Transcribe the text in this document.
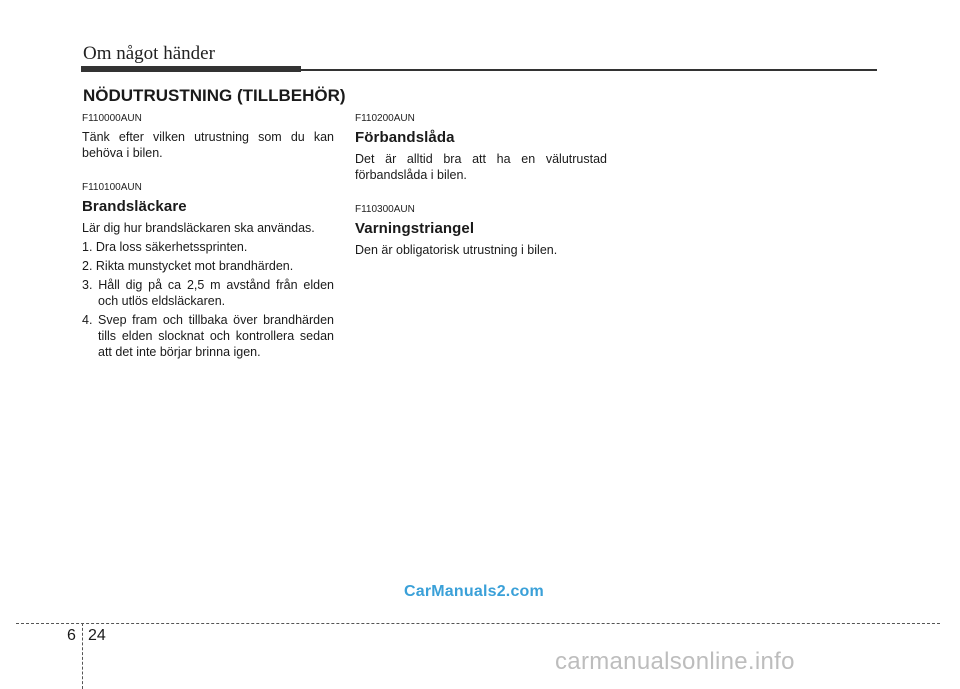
Om något händer
NÖDUTRUSTNING (TILLBEHÖR)

F110000AUN

Tänk efter vilken utrustning som du kan behöva i bilen.

F110100AUN

Brandsläckare

Lär dig hur brandsläckaren ska användas.

1. Dra loss säkerhetssprinten.
2. Rikta munstycket mot brandhärden.
3. Håll dig på ca 2,5 m avstånd från elden och utlös eldsläckaren.
4. Svep fram och tillbaka över brandhärden tills elden slocknat och kontrollera sedan att det inte börjar brinna igen.

F110200AUN

Förbandslåda

Det är alltid bra att ha en välutrustad förbandslåda i bilen.

F110300AUN

Varningstriangel

Den är obligatorisk utrustning i bilen.

CarManuals2.com
6 24
carmanualsonline.info
